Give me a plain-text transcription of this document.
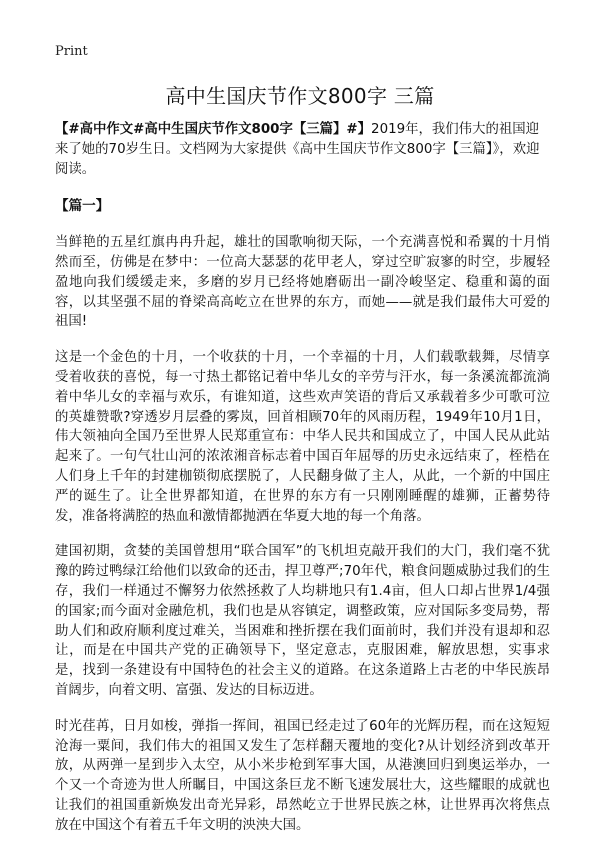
Print
高中生国庆节作文800字 三篇

【#高中作文#高中生国庆节作文800字【三篇】#】2019年，我们伟大的祖国迎来了她的70岁生日。文档网为大家提供《高中生国庆节作文800字【三篇】》，欢迎阅读。

【篇一】

当鲜艳的五星红旗冉冉升起，雄壮的国歌响彻天际，一个充满喜悦和希翼的十月悄然而至，仿佛是在梦中：一位高大瑟瑟的花甲老人，穿过空旷寂寥的时空，步履轻盈地向我们缓缓走来，多磨的岁月已经将她磨砺出一副冷峻坚定、稳重和蔼的面容，以其坚强不屈的脊梁高高屹立在世界的东方，而她——就是我们最伟大可爱的祖国!

这是一个金色的十月，一个收获的十月，一个幸福的十月，人们载歌载舞，尽情享受着收获的喜悦，每一寸热土都铭记着中华儿女的辛劳与汗水，每一条溪流都流淌着中华儿女的幸福与欢乐，有谁知道，这些欢声笑语的背后又承载着多少可歌可泣的英雄赞歌?穿透岁月层叠的雾岚，回首相顾70年的风雨历程，1949年10月1日，伟大领袖向全国乃至世界人民郑重宣布：中华人民共和国成立了，中国人民从此站起来了。一句气壮山河的浓浓湘音标志着中国百年屈辱的历史永远结束了，桎梏在人们身上千年的封建枷锁彻底摆脱了，人民翻身做了主人，从此，一个新的中国庄严的诞生了。让全世界都知道，在世界的东方有一只刚刚睡醒的雄狮，正蓄势待发，准备将满腔的热血和激情都抛洒在华夏大地的每一个角落。

建国初期，贪婪的美国曾想用“联合国军”的飞机坦克敲开我们的大门，我们毫不犹豫的跨过鸭绿江给他们以致命的还击，捍卫尊严;70年代，粮食问题威胁过我们的生存，我们一样通过不懈努力依然拯救了人均耕地只有1.4亩，但人口却占世界1/4强的国家;而今面对金融危机，我们也是从容镇定，调整政策，应对国际多变局势，帮助人们和政府顺利度过难关，当困难和挫折摆在我们面前时，我们并没有退却和忍让，而是在中国共产党的正确领导下，坚定意志，克服困难，解放思想，实事求是，找到一条建设有中国特色的社会主义的道路。在这条道路上古老的中华民族昂首阔步，向着文明、富强、发达的目标迈进。

时光荏苒，日月如梭，弹指一挥间，祖国已经走过了60年的光辉历程，而在这短短沧海一粟间，我们伟大的祖国又发生了怎样翻天覆地的变化?从计划经济到改革开放，从两弹一星到步入太空，从小米步枪到军事大国，从港澳回归到奥运举办，一个又一个奇迹为世人所瞩目，中国这条巨龙不断飞速发展壮大，这些耀眼的成就也让我们的祖国重新焕发出奇光异彩，昂然屹立于世界民族之林，让世界再次将焦点放在中国这个有着五千年文明的泱泱大国。
